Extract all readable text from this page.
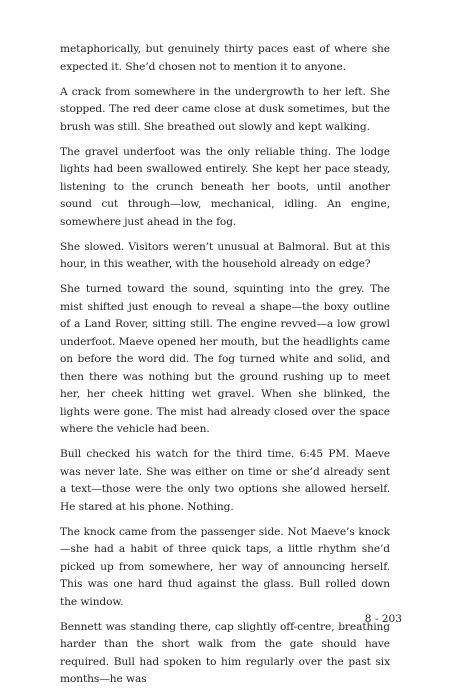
metaphorically, but genuinely thirty paces east of where she expected it. She’d chosen not to mention it to anyone.

A crack from somewhere in the undergrowth to her left. She stopped. The red deer came close at dusk sometimes, but the brush was still. She breathed out slowly and kept walking.

The gravel underfoot was the only reliable thing. The lodge lights had been swallowed entirely. She kept her pace steady, listening to the crunch beneath her boots, until another sound cut through—low, mechanical, idling. An engine, somewhere just ahead in the fog.

She slowed. Visitors weren’t unusual at Balmoral. But at this hour, in this weather, with the household already on edge?

She turned toward the sound, squinting into the grey. The mist shifted just enough to reveal a shape—the boxy outline of a Land Rover, sitting still. The engine revved—a low growl underfoot. Maeve opened her mouth, but the headlights came on before the word did. The fog turned white and solid, and then there was nothing but the ground rushing up to meet her, her cheek hitting wet gravel. When she blinked, the lights were gone. The mist had already closed over the space where the vehicle had been.

Bull checked his watch for the third time. 6:45 PM. Maeve was never late. She was either on time or she’d already sent a text—those were the only two options she allowed herself. He stared at his phone. Nothing.

The knock came from the passenger side. Not Maeve’s knock—she had a habit of three quick taps, a little rhythm she’d picked up from somewhere, her way of announcing herself. This was one hard thud against the glass. Bull rolled down the window.

Bennett was standing there, cap slightly off-centre, breathing harder than the short walk from the gate should have required. Bull had spoken to him regularly over the past six months—he was

8 - 203
